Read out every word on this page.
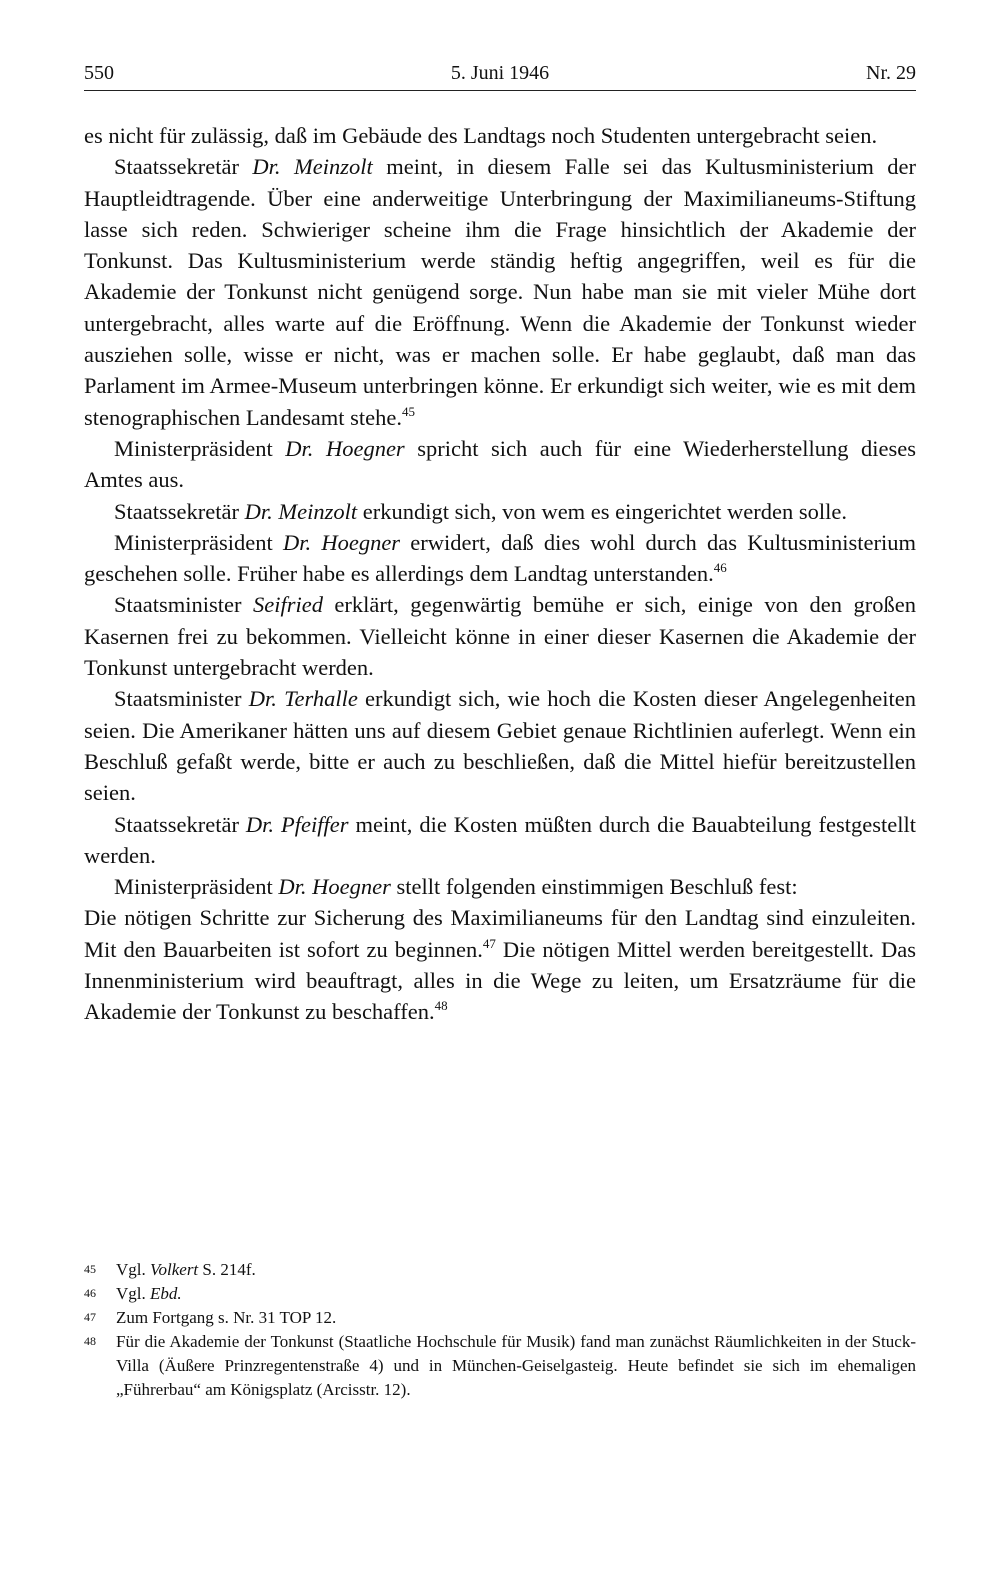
550	5. Juni 1946	Nr. 29

es nicht für zulässig, daß im Gebäude des Landtags noch Studenten untergebracht seien.

Staatssekretär Dr. Meinzolt meint, in diesem Falle sei das Kultusministerium der Hauptleidtragende. Über eine anderweitige Unterbringung der Maximilianeums-Stiftung lasse sich reden. Schwieriger scheine ihm die Frage hinsichtlich der Akademie der Tonkunst. Das Kultusministerium werde ständig heftig angegriffen, weil es für die Akademie der Tonkunst nicht genügend sorge. Nun habe man sie mit vieler Mühe dort untergebracht, alles warte auf die Eröffnung. Wenn die Akademie der Tonkunst wieder ausziehen solle, wisse er nicht, was er machen solle. Er habe geglaubt, daß man das Parlament im Armee-Museum unterbringen könne. Er erkundigt sich weiter, wie es mit dem stenographischen Landesamt stehe.$^{45}$

Ministerpräsident Dr. Hoegner spricht sich auch für eine Wiederherstellung dieses Amtes aus.

Staatssekretär Dr. Meinzolt erkundigt sich, von wem es eingerichtet werden solle.

Ministerpräsident Dr. Hoegner erwidert, daß dies wohl durch das Kultusministerium geschehen solle. Früher habe es allerdings dem Landtag unterstanden.$^{46}$

Staatsminister Seifried erklärt, gegenwärtig bemühe er sich, einige von den großen Kasernen frei zu bekommen. Vielleicht könne in einer dieser Kasernen die Akademie der Tonkunst untergebracht werden.

Staatsminister Dr. Terhalle erkundigt sich, wie hoch die Kosten dieser Angelegenheiten seien. Die Amerikaner hätten uns auf diesem Gebiet genaue Richtlinien auferlegt. Wenn ein Beschluß gefaßt werde, bitte er auch zu beschließen, daß die Mittel hiefür bereitzustellen seien.

Staatssekretär Dr. Pfeiffer meint, die Kosten müßten durch die Bauabteilung festgestellt werden.

Ministerpräsident Dr. Hoegner stellt folgenden einstimmigen Beschluß fest:

Die nötigen Schritte zur Sicherung des Maximilianeums für den Landtag sind einzuleiten. Mit den Bauarbeiten ist sofort zu beginnen.$^{47}$ Die nötigen Mittel werden bereitgestellt. Das Innenministerium wird beauftragt, alles in die Wege zu leiten, um Ersatzräume für die Akademie der Tonkunst zu beschaffen.$^{48}$

45 Vgl. Volkert S. 214f.
46 Vgl. Ebd.
47 Zum Fortgang s. Nr. 31 TOP 12.
48 Für die Akademie der Tonkunst (Staatliche Hochschule für Musik) fand man zunächst Räumlichkeiten in der Stuck-Villa (Äußere Prinzregentenstraße 4) und in München-Geiselgasteig. Heute befindet sie sich im ehemaligen „Führerbau“ am Königsplatz (Arcisstr. 12).
